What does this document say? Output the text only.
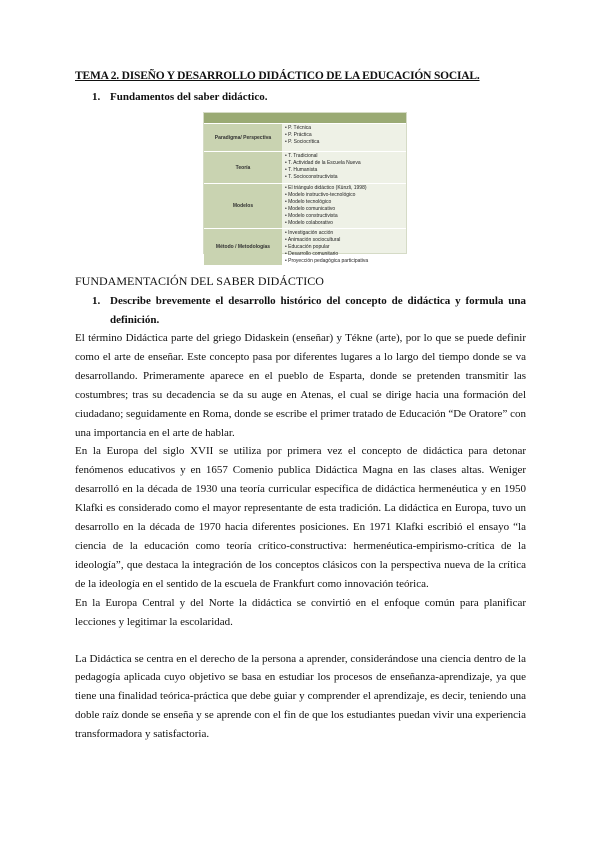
TEMA 2. DISEÑO Y DESARROLLO DIDÁCTICO DE LA EDUCACIÓN SOCIAL.
1. Fundamentos del saber didáctico.
Paradigma/ Perspectiva
• P. Técnica
• P. Práctica
• P. Sociocrítica
Teoría
• T. Tradicional
• T. Actividad de la Escuela Nueva
• T. Humanista
• T. Socioconstructivista
Modelos
• El triángulo didáctico (Künzli, 1998)
• Modelo instructivo-tecnológico
• Modelo tecnológico
• Modelo comunicativo
• Modelo constructivista
• Modelo colaborativo
Método / Metodologías
• Investigación acción
• Animación sociocultural
• Educación popular
• Desarrollo comunitario
• Proyección pedagógica participativa
FUNDAMENTACIÓN DEL SABER DIDÁCTICO
1. Describe brevemente el desarrollo histórico del concepto de didáctica y formula una definición.

El término Didáctica parte del griego Didaskein (enseñar) y Tékne (arte), por lo que se puede definir como el arte de enseñar. Este concepto pasa por diferentes lugares a lo largo del tiempo donde se va desarrollando. Primeramente aparece en el pueblo de Esparta, donde se pretenden transmitir las costumbres; tras su decadencia se da su auge en Atenas, el cual se dirige hacia una formación del ciudadano; seguidamente en Roma, donde se escribe el primer tratado de Educación “De Oratore” con una importancia en el arte de hablar.

En la Europa del siglo XVII se utiliza por primera vez el concepto de didáctica para detonar fenómenos educativos y en 1657 Comenio publica Didáctica Magna en las clases altas. Weniger desarrolló en la década de 1930 una teoría curricular específica de didáctica hermenéutica y en 1950 Klafki es considerado como el mayor representante de esta tradición. La didáctica en Europa, tuvo un desarrollo en la década de 1970 hacia diferentes posiciones. En 1971 Klafki escribió el ensayo “la ciencia de la educación como teoría crítico-constructiva: hermenéutica-empirismo-crítica de la ideología”, que destaca la integración de los conceptos clásicos con la perspectiva nueva de la crítica de la ideología en el sentido de la escuela de Frankfurt como innovación teórica.

En la Europa Central y del Norte la didáctica se convirtió en el enfoque común para planificar lecciones y legitimar la escolaridad.

La Didáctica se centra en el derecho de la persona a aprender, considerándose una ciencia dentro de la pedagogía aplicada cuyo objetivo se basa en estudiar los procesos de enseñanza-aprendizaje, ya que tiene una finalidad teórica-práctica que debe guiar y comprender el aprendizaje, es decir, teniendo una doble raíz donde se enseña y se aprende con el fin de que los estudiantes puedan vivir una experiencia transformadora y satisfactoria.
